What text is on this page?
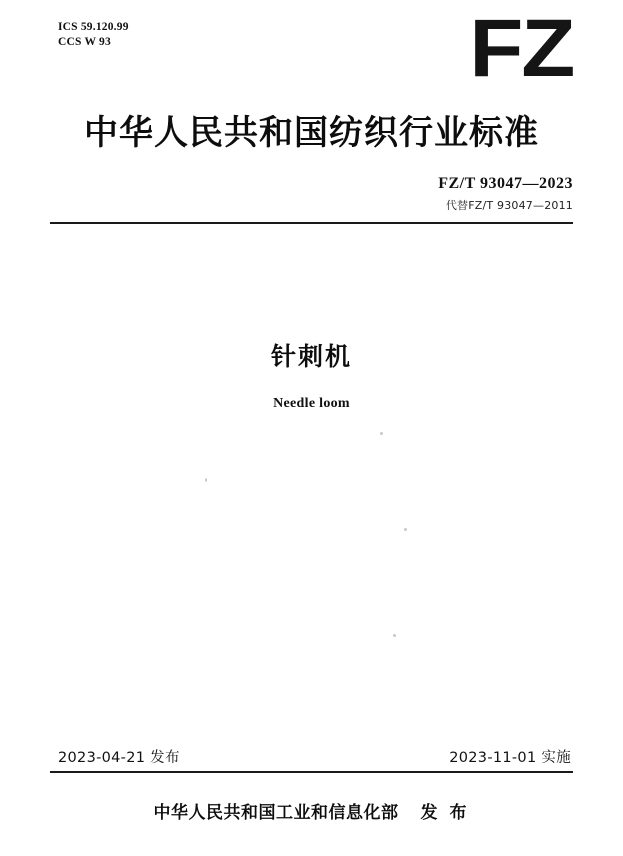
ICS 59.120.99
CCS W 93	FZ
中华人民共和国纺织行业标准
FZ/T 93047—2023
代替FZ/T 93047—2011
针刺机
Needle loom
2023-04-21 发布	2023-11-01 实施
中华人民共和国工业和信息化部 发 布
